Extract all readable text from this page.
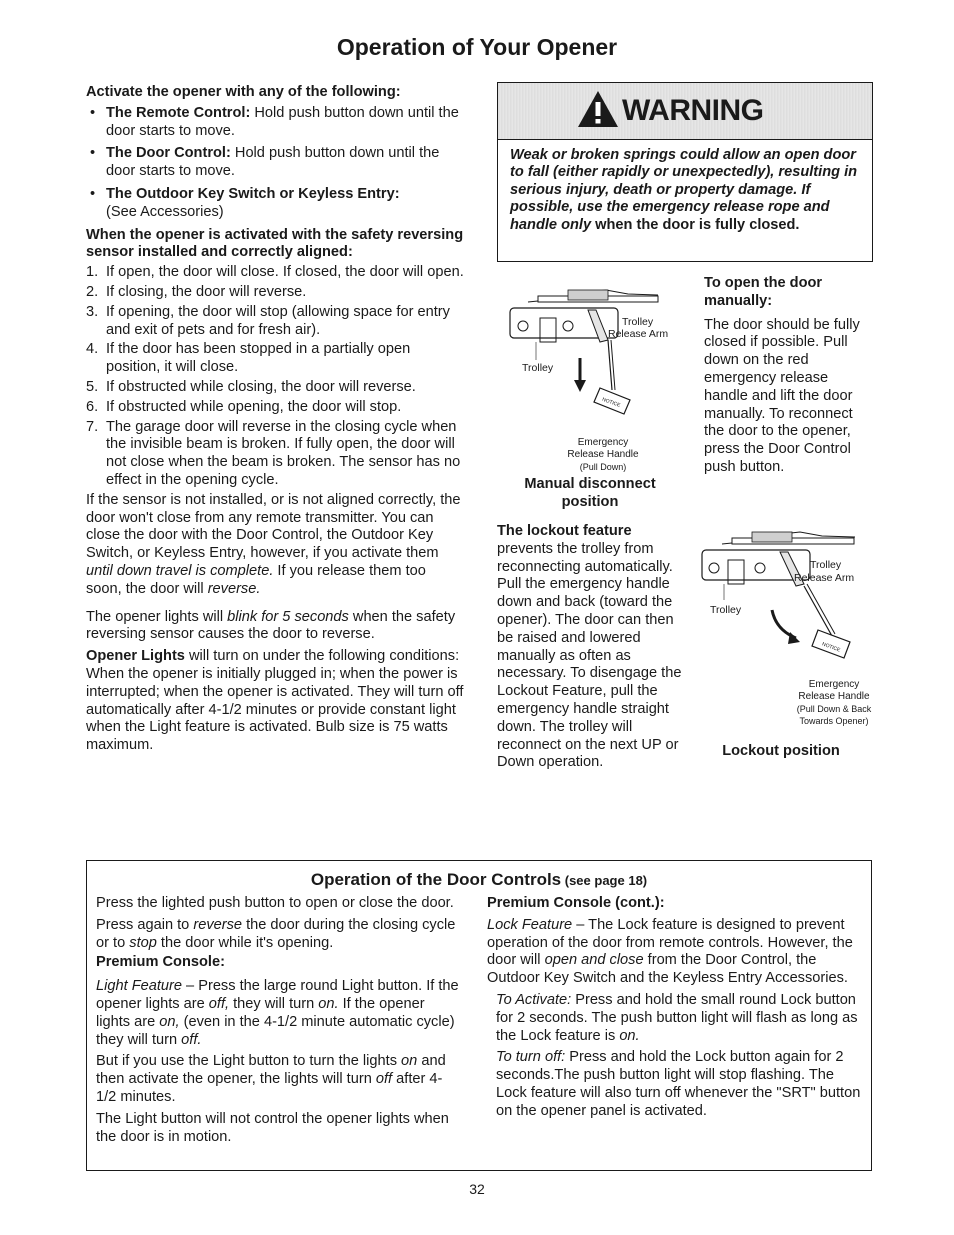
Operation of Your Opener

Activate the opener with any of the following:

• The Remote Control: Hold push button down until the door starts to move.
• The Door Control: Hold push button down until the door starts to move.
• The Outdoor Key Switch or Keyless Entry:
(See Accessories)

When the opener is activated with the safety reversing sensor installed and correctly aligned:

1. If open, the door will close. If closed, the door will open.
2. If closing, the door will reverse.
3. If opening, the door will stop (allowing space for entry and exit of pets and for fresh air).
4. If the door has been stopped in a partially open position, it will close.
5. If obstructed while closing, the door will reverse.
6. If obstructed while opening, the door will stop.
7. The garage door will reverse in the closing cycle when the invisible beam is broken. If fully open, the door will not close when the beam is broken. The sensor has no effect in the opening cycle.

If the sensor is not installed, or is not aligned correctly, the door won't close from any remote transmitter. You can close the door with the Door Control, the Outdoor Key Switch, or Keyless Entry, however, if you activate them until down travel is complete. If you release them too soon, the door will reverse.

The opener lights will blink for 5 seconds when the safety reversing sensor causes the door to reverse.

Opener Lights will turn on under the following conditions: When the opener is initially plugged in; when the power is interrupted; when the opener is activated. They will turn off automatically after 4-1/2 minutes or provide constant light when the Light feature is activated. Bulb size is 75 watts maximum.

WARNING
Weak or broken springs could allow an open door to fall (either rapidly or unexpectedly), resulting in serious injury, death or property damage. If possible, use the emergency release rope and handle only when the door is fully closed.
NOTICE
Trolley
Release Arm
Trolley
Emergency
Release Handle
(Pull Down)
Manual disconnect
position
To open the door
manually:

The door should be fully closed if possible. Pull down on the red emergency release handle and lift the door manually. To reconnect the door to the opener, press the Door Control push button.

The lockout feature

prevents the trolley from reconnecting automatically. Pull the emergency handle down and back (toward the opener). The door can then be raised and lowered manually as often as necessary. To disengage the Lockout Feature, pull the emergency handle straight down. The trolley will reconnect on the next UP or Down operation.

NOTICE
Trolley
Release Arm
Trolley
Emergency
Release Handle
(Pull Down & Back
Towards Opener)
Lockout position
Operation of the Door Controls (see page 18)

Press the lighted push button to open or close the door.

Press again to reverse the door during the closing cycle or to stop the door while it's opening.

Premium Console:

Light Feature – Press the large round Light button. If the opener lights are off, they will turn on. If the opener lights are on, (even in the 4-1/2 minute automatic cycle) they will turn off.

But if you use the Light button to turn the lights on and then activate the opener, the lights will turn off after 4-1/2 minutes.

The Light button will not control the opener lights when the door is in motion.

Premium Console (cont.):

Lock Feature – The Lock feature is designed to prevent operation of the door from remote controls. However, the door will open and close from the Door Control, the Outdoor Key Switch and the Keyless Entry Accessories.

To Activate: Press and hold the small round Lock button for 2 seconds. The push button light will flash as long as the Lock feature is on.

To turn off: Press and hold the Lock button again for 2 seconds.The push button light will stop flashing. The Lock feature will also turn off whenever the "SRT" button on the opener panel is activated.

32
